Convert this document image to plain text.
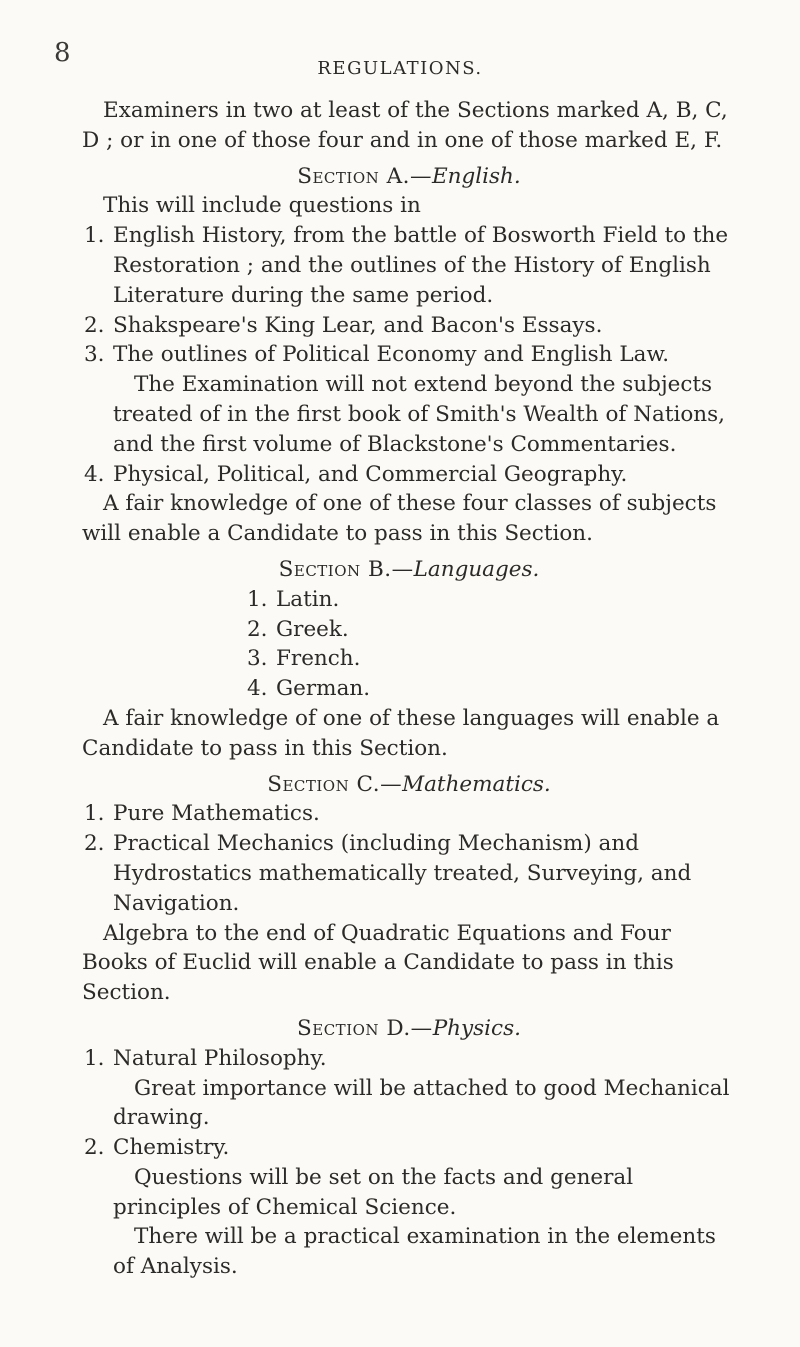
8
REGULATIONS.

Examiners in two at least of the Sections marked A, B, C, D ; or in one of those four and in one of those marked E, F.

Section A.—English.

This will include questions in

1. English History, from the battle of Bosworth Field to the Restoration ; and the outlines of the History of English Literature during the same period.
2. Shakspeare's King Lear, and Bacon's Essays.
3. The outlines of Political Economy and English Law.

The Examination will not extend beyond the subjects treated of in the first book of Smith's Wealth of Nations, and the first volume of Blackstone's Commentaries.

4. Physical, Political, and Commercial Geography.

A fair knowledge of one of these four classes of subjects will enable a Candidate to pass in this Section.

Section B.—Languages.

1. Latin.
2. Greek.
3. French.
4. German.

A fair knowledge of one of these languages will enable a Candidate to pass in this Section.

Section C.—Mathematics.

1. Pure Mathematics.
2. Practical Mechanics (including Mechanism) and Hydrostatics mathematically treated, Surveying, and Navigation.

Algebra to the end of Quadratic Equations and Four Books of Euclid will enable a Candidate to pass in this Section.

Section D.—Physics.

1. Natural Philosophy.

Great importance will be attached to good Mechanical drawing.

2. Chemistry.

Questions will be set on the facts and general principles of Chemical Science.

There will be a practical examination in the elements of Analysis.
